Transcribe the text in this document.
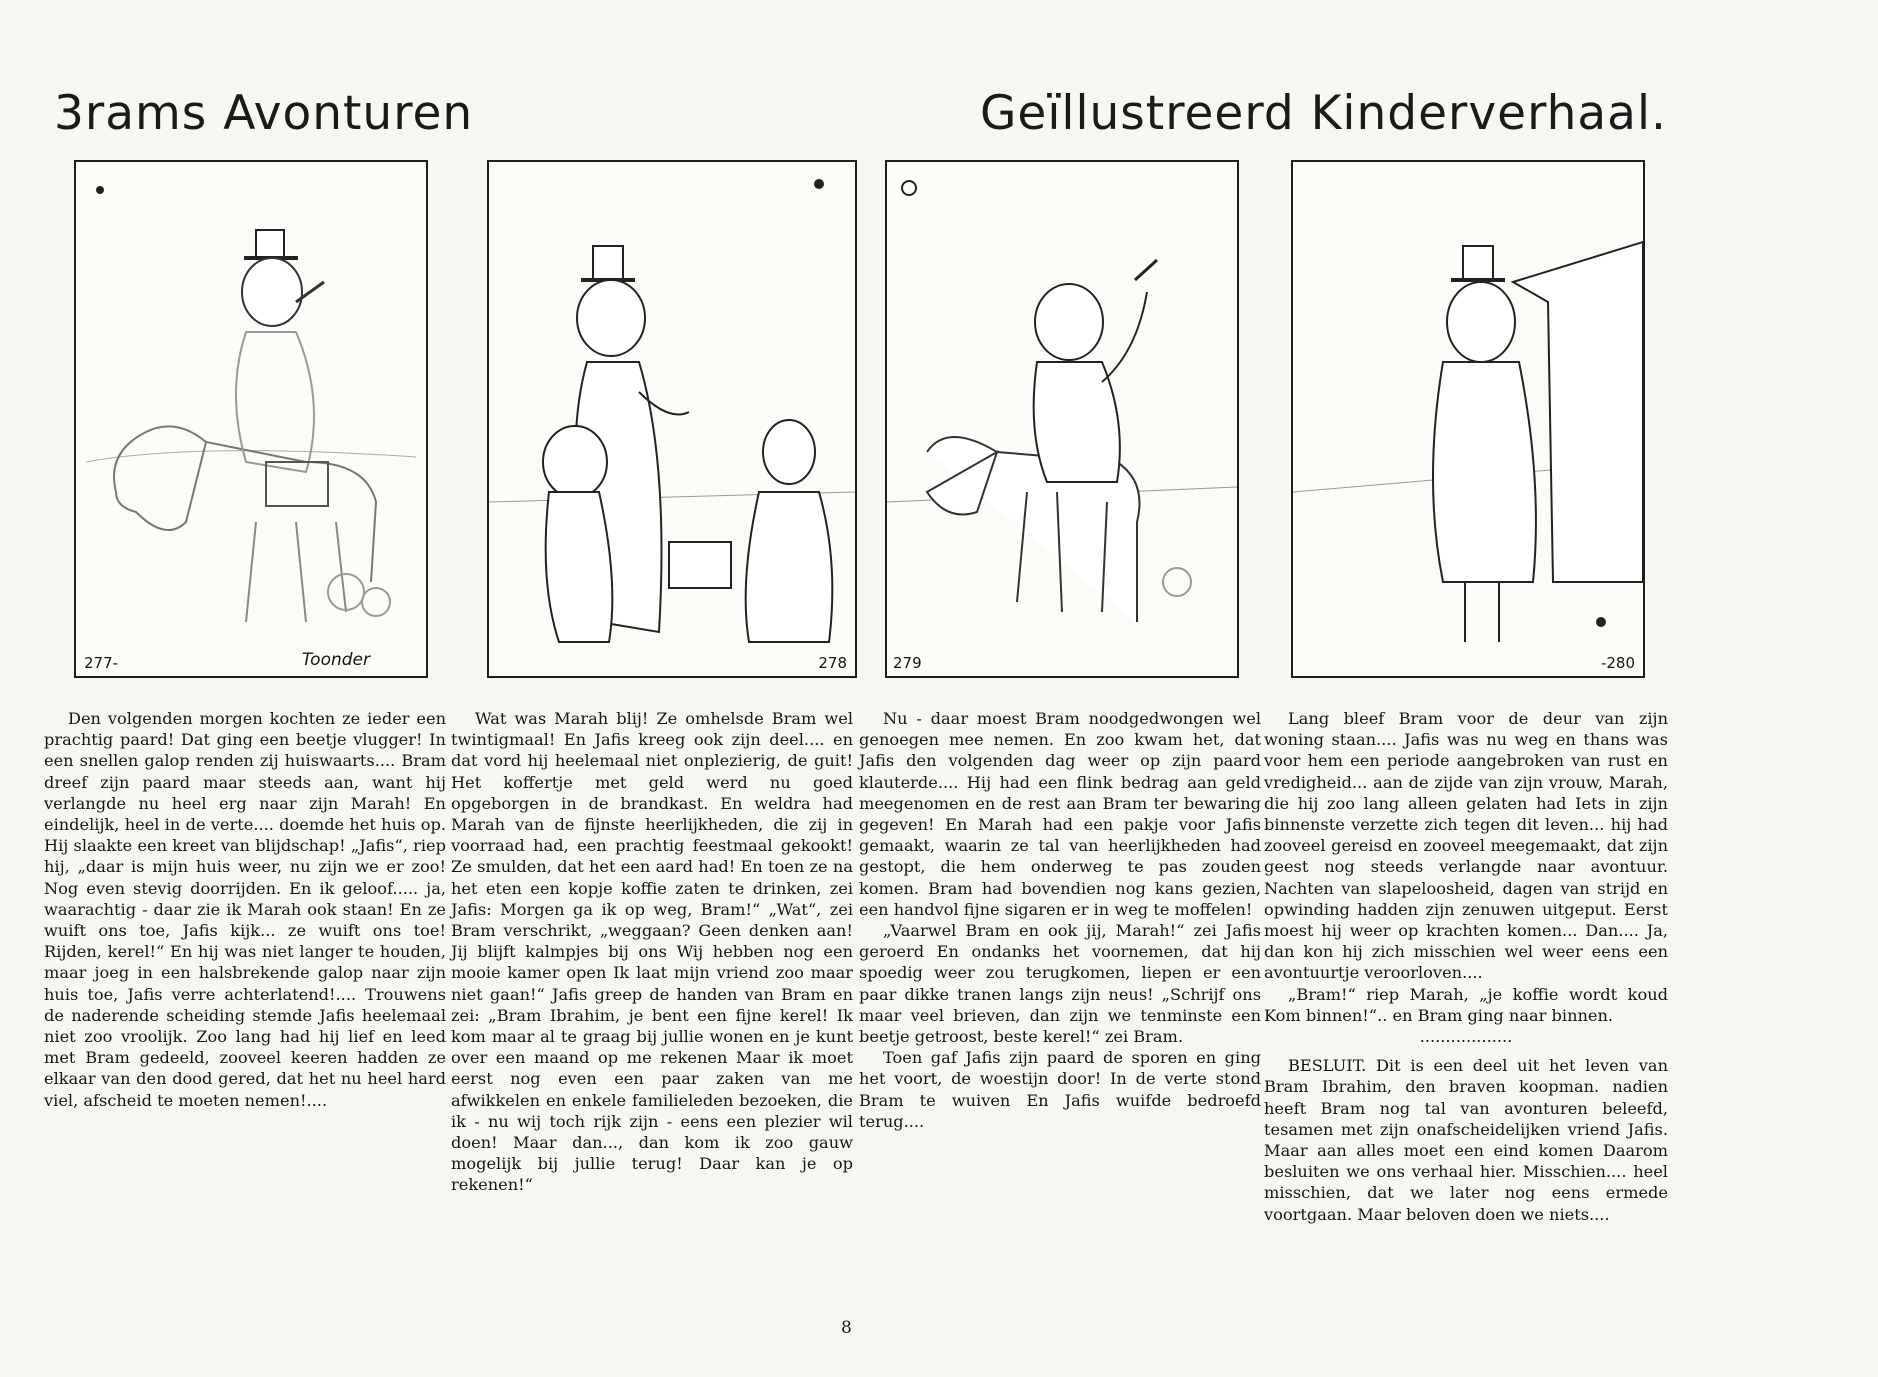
3rams Avonturen	Geïllustreerd Kinderverhaal.
277-	Toonder	278	279	-280

Den volgenden morgen kochten ze ieder een prachtig paard! Dat ging een beetje vlugger! In een snellen galop renden zij huiswaarts.... Bram dreef zijn paard maar steeds aan, want hij verlangde nu heel erg naar zijn Marah! En eindelijk, heel in de verte.... doemde het huis op. Hij slaakte een kreet van blijdschap! „Jafis“, riep hij, „daar is mijn huis weer, nu zijn we er zoo! Nog even stevig doorrijden. En ik geloof..... ja, waarachtig - daar zie ik Marah ook staan! En ze wuift ons toe, Jafis kijk... ze wuift ons toe! Rijden, kerel!“ En hij was niet langer te houden, maar joeg in een halsbrekende galop naar zijn huis toe, Jafis verre achterlatend!.... Trouwens de naderende scheiding stemde Jafis heelemaal niet zoo vroolijk. Zoo lang had hij lief en leed met Bram gedeeld, zooveel keeren hadden ze elkaar van den dood gered, dat het nu heel hard viel, afscheid te moeten nemen!....

Wat was Marah blij! Ze omhelsde Bram wel twintigmaal! En Jafis kreeg ook zijn deel.... en dat vord hij heelemaal niet onplezierig, de guit! Het koffertje met geld werd nu goed opgeborgen in de brandkast. En weldra had Marah van de fijnste heerlijkheden, die zij in voorraad had, een prachtig feestmaal gekookt! Ze smulden, dat het een aard had! En toen ze na het eten een kopje koffie zaten te drinken, zei Jafis: Morgen ga ik op weg, Bram!“ „Wat“, zei Bram verschrikt, „weggaan? Geen denken aan! Jij blijft kalmpjes bij ons Wij hebben nog een mooie kamer open Ik laat mijn vriend zoo maar niet gaan!“ Jafis greep de handen van Bram en zei: „Bram Ibrahim, je bent een fijne kerel! Ik kom maar al te graag bij jullie wonen en je kunt over een maand op me rekenen Maar ik moet eerst nog even een paar zaken van me afwikkelen en enkele familieleden bezoeken, die ik - nu wij toch rijk zijn - eens een plezier wil doen! Maar dan..., dan kom ik zoo gauw mogelijk bij jullie terug! Daar kan je op rekenen!“

Nu - daar moest Bram noodgedwongen wel genoegen mee nemen. En zoo kwam het, dat Jafis den volgenden dag weer op zijn paard klauterde.... Hij had een flink bedrag aan geld meegenomen en de rest aan Bram ter bewaring gegeven! En Marah had een pakje voor Jafis gemaakt, waarin ze tal van heerlijkheden had gestopt, die hem onderweg te pas zouden komen. Bram had bovendien nog kans gezien, een handvol fijne sigaren er in weg te moffelen!

„Vaarwel Bram en ook jij, Marah!“ zei Jafis geroerd En ondanks het voornemen, dat hij spoedig weer zou terugkomen, liepen er een paar dikke tranen langs zijn neus! „Schrijf ons maar veel brieven, dan zijn we tenminste een beetje getroost, beste kerel!“ zei Bram.

Toen gaf Jafis zijn paard de sporen en ging het voort, de woestijn door! In de verte stond Bram te wuiven En Jafis wuifde bedroefd terug....

Lang bleef Bram voor de deur van zijn woning staan.... Jafis was nu weg en thans was voor hem een periode aangebroken van rust en vredigheid... aan de zijde van zijn vrouw, Marah, die hij zoo lang alleen gelaten had Iets in zijn binnenste verzette zich tegen dit leven... hij had zooveel gereisd en zooveel meegemaakt, dat zijn geest nog steeds verlangde naar avontuur. Nachten van slapeloosheid, dagen van strijd en opwinding hadden zijn zenuwen uitgeput. Eerst moest hij weer op krachten komen... Dan.... Ja, dan kon hij zich misschien wel weer eens een avontuurtje veroorloven....

„Bram!“ riep Marah, „je koffie wordt koud Kom binnen!“.. en Bram ging naar binnen.

..................

BESLUIT. Dit is een deel uit het leven van Bram Ibrahim, den braven koopman. nadien heeft Bram nog tal van avonturen beleefd, tesamen met zijn onafscheidelijken vriend Jafis. Maar aan alles moet een eind komen Daarom besluiten we ons verhaal hier. Misschien.... heel misschien, dat we later nog eens ermede voortgaan. Maar beloven doen we niets....

8
